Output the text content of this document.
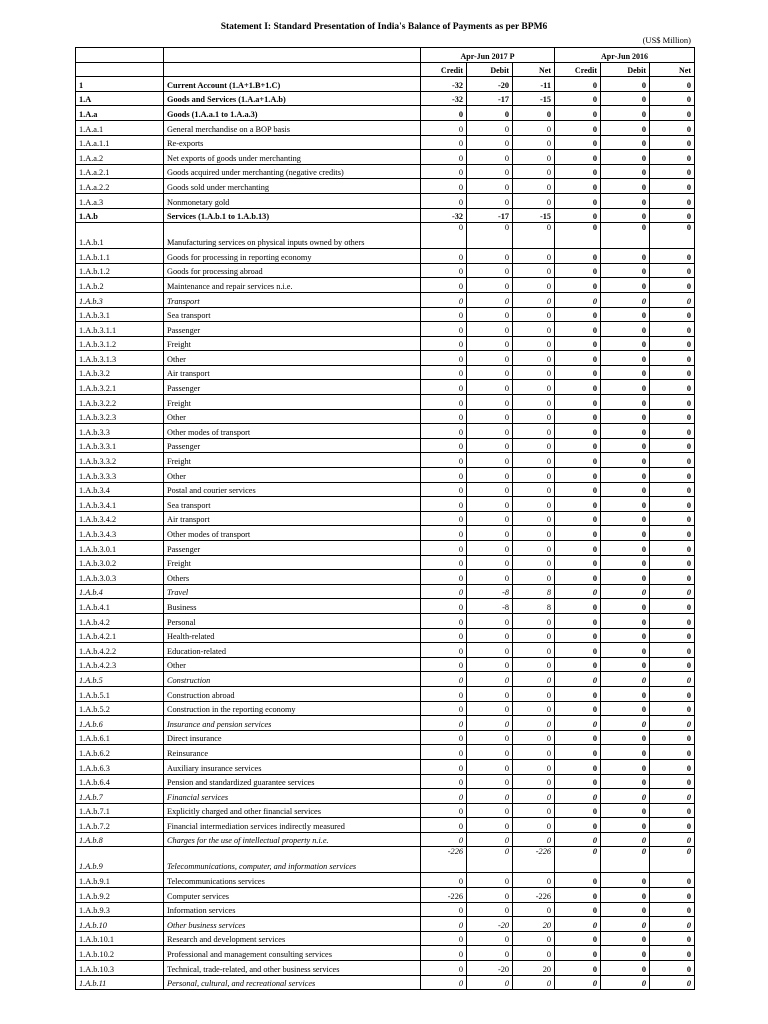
Statement I: Standard Presentation of India's Balance of Payments as per BPM6
(US$ Million)
		Apr-Jun 2017 P			Apr-Jun 2016		
		Credit	Debit	Net	Credit	Debit	Net
1	Current Account (1.A+1.B+1.C)	-32	-20	-11	0	0	0
1.A	Goods and Services (1.A.a+1.A.b)	-32	-17	-15	0	0	0
1.A.a	Goods (1.A.a.1 to 1.A.a.3)	0	0	0	0	0	0
1.A.a.1	General merchandise on a BOP basis	0	0	0	0	0	0
1.A.a.1.1	Re-exports	0	0	0	0	0	0
1.A.a.2	Net exports of goods under merchanting	0	0	0	0	0	0
1.A.a.2.1	Goods acquired under merchanting (negative credits)	0	0	0	0	0	0
1.A.a.2.2	Goods sold under merchanting	0	0	0	0	0	0
1.A.a.3	Nonmonetary gold	0	0	0	0	0	0
1.A.b	Services (1.A.b.1 to 1.A.b.13)	-32	-17	-15	0	0	0
1.A.b.1	Manufacturing services on physical inputs owned by others	0	0	0	0	0	0
1.A.b.1.1	Goods for processing in reporting economy	0	0	0	0	0	0
1.A.b.1.2	Goods for processing abroad	0	0	0	0	0	0
1.A.b.2	Maintenance and repair services n.i.e.	0	0	0	0	0	0
1.A.b.3	Transport	0	0	0	0	0	0
1.A.b.3.1	Sea transport	0	0	0	0	0	0
1.A.b.3.1.1	Passenger	0	0	0	0	0	0
1.A.b.3.1.2	Freight	0	0	0	0	0	0
1.A.b.3.1.3	Other	0	0	0	0	0	0
1.A.b.3.2	Air transport	0	0	0	0	0	0
1.A.b.3.2.1	Passenger	0	0	0	0	0	0
1.A.b.3.2.2	Freight	0	0	0	0	0	0
1.A.b.3.2.3	Other	0	0	0	0	0	0
1.A.b.3.3	Other modes of transport	0	0	0	0	0	0
1.A.b.3.3.1	Passenger	0	0	0	0	0	0
1.A.b.3.3.2	Freight	0	0	0	0	0	0
1.A.b.3.3.3	Other	0	0	0	0	0	0
1.A.b.3.4	Postal and courier services	0	0	0	0	0	0
1.A.b.3.4.1	Sea transport	0	0	0	0	0	0
1.A.b.3.4.2	Air transport	0	0	0	0	0	0
1.A.b.3.4.3	Other modes of transport	0	0	0	0	0	0
1.A.b.3.0.1	Passenger	0	0	0	0	0	0
1.A.b.3.0.2	Freight	0	0	0	0	0	0
1.A.b.3.0.3	Others	0	0	0	0	0	0
1.A.b.4	Travel	0	-8	8	0	0	0
1.A.b.4.1	Business	0	-8	8	0	0	0
1.A.b.4.2	Personal	0	0	0	0	0	0
1.A.b.4.2.1	Health-related	0	0	0	0	0	0
1.A.b.4.2.2	Education-related	0	0	0	0	0	0
1.A.b.4.2.3	Other	0	0	0	0	0	0
1.A.b.5	Construction	0	0	0	0	0	0
1.A.b.5.1	Construction abroad	0	0	0	0	0	0
1.A.b.5.2	Construction in the reporting economy	0	0	0	0	0	0
1.A.b.6	Insurance and pension services	0	0	0	0	0	0
1.A.b.6.1	Direct insurance	0	0	0	0	0	0
1.A.b.6.2	Reinsurance	0	0	0	0	0	0
1.A.b.6.3	Auxiliary insurance services	0	0	0	0	0	0
1.A.b.6.4	Pension and standardized guarantee services	0	0	0	0	0	0
1.A.b.7	Financial services	0	0	0	0	0	0
1.A.b.7.1	Explicitly charged and other financial services	0	0	0	0	0	0
1.A.b.7.2	Financial intermediation services indirectly measured	0	0	0	0	0	0
1.A.b.8	Charges for the use of intellectual property n.i.e.	0	0	0	0	0	0
1.A.b.9	Telecommunications, computer, and information services	-226	0	-226	0	0	0
1.A.b.9.1	Telecommunications services	0	0	0	0	0	0
1.A.b.9.2	Computer services	-226	0	-226	0	0	0
1.A.b.9.3	Information services	0	0	0	0	0	0
1.A.b.10	Other business services	0	-20	20	0	0	0
1.A.b.10.1	Research and development services	0	0	0	0	0	0
1.A.b.10.2	Professional and management consulting services	0	0	0	0	0	0
1.A.b.10.3	Technical, trade-related, and other business services	0	-20	20	0	0	0
1.A.b.11	Personal, cultural, and recreational services	0	0	0	0	0	0
